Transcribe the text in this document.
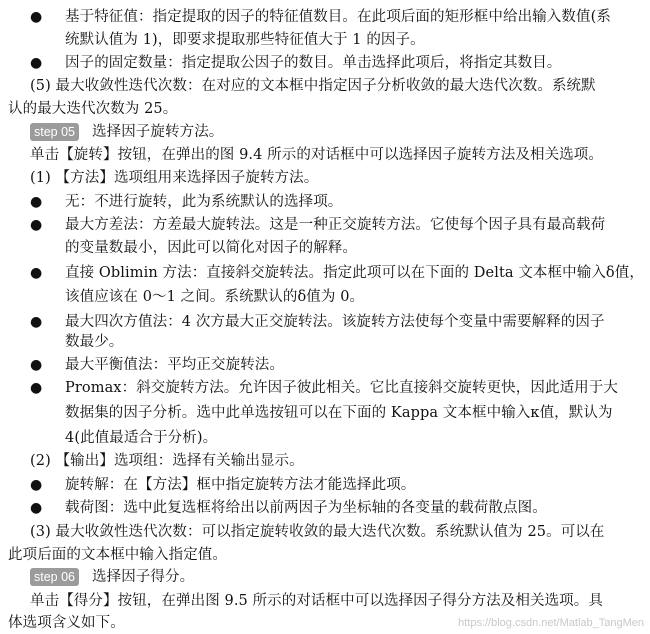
●
●
●
●
●
●
●
●
●
●
基于特征值：指定提取的因子的特征值数目。在此项后面的矩形框中给出输入数值(系
统默认值为 1)，即要求提取那些特征值大于 1 的因子。
因子的固定数量：指定提取公因子的数目。单击选择此项后，将指定其数目。
(5) 最大收敛性迭代次数：在对应的文本框中指定因子分析收敛的最大迭代次数。系统默
认的最大迭代次数为 25。
step 05 选择因子旋转方法。
单击【旋转】按钮，在弹出的图 9.4 所示的对话框中可以选择因子旋转方法及相关选项。
(1) 【方法】选项组用来选择因子旋转方法。
无：不进行旋转，此为系统默认的选择项。
最大方差法：方差最大旋转法。这是一种正交旋转方法。它使每个因子具有最高载荷
的变量数最小，因此可以简化对因子的解释。
直接 Oblimin 方法：直接斜交旋转法。指定此项可以在下面的 Delta 文本框中输入δ值，
该值应该在 0～1 之间。系统默认的δ值为 0。
最大四次方值法：4 次方最大正交旋转法。该旋转方法使每个变量中需要解释的因子
数最少。
最大平衡值法：平均正交旋转法。
Promax：斜交旋转方法。允许因子彼此相关。它比直接斜交旋转更快，因此适用于大
数据集的因子分析。选中此单选按钮可以在下面的 Kappa 文本框中输入κ值，默认为
4(此值最适合于分析)。
(2) 【输出】选项组：选择有关输出显示。
旋转解：在【方法】框中指定旋转方法才能选择此项。
载荷图：选中此复选框将给出以前两因子为坐标轴的各变量的载荷散点图。
(3) 最大收敛性迭代次数：可以指定旋转收敛的最大迭代次数。系统默认值为 25。可以在
此项后面的文本框中输入指定值。
step 06 选择因子得分。
单击【得分】按钮，在弹出图 9.5 所示的对话框中可以选择因子得分方法及相关选项。具
体选项含义如下。	https://blog.csdn.net/Matlab_TangMen
